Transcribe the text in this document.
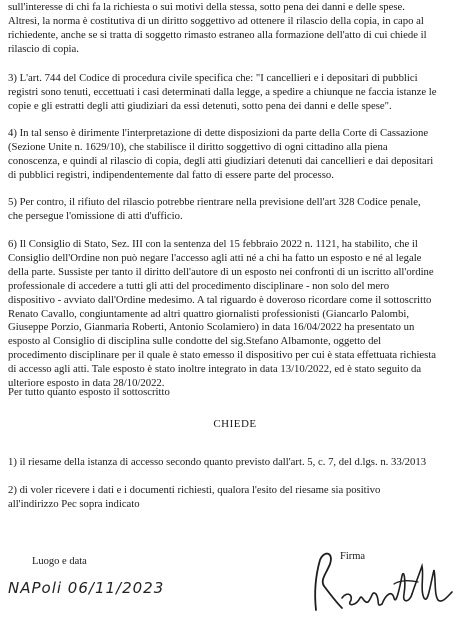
sull'interesse di chi fa la richiesta o sui motivi della stessa, sotto pena dei danni e delle spese.
Altresì, la norma è costitutiva di un diritto soggettivo ad ottenere il rilascio della copia, in capo al
richiedente, anche se si tratta di soggetto rimasto estraneo alla formazione dell'atto di cui chiede il
rilascio di copia.

3) L'art. 744 del Codice di procedura civile specifica che: "I cancellieri e i depositari di pubblici
registri sono tenuti, eccettuati i casi determinati dalla legge, a spedire a chiunque ne faccia istanze le
copie e gli estratti degli atti giudiziari da essi detenuti, sotto pena dei danni e delle spese".

4) In tal senso è dirimente l'interpretazione di dette disposizioni da parte della Corte di Cassazione
(Sezione Unite n. 1629/10), che stabilisce il diritto soggettivo di ogni cittadino alla piena
conoscenza, e quindi al rilascio di copia, degli atti giudiziari detenuti dai cancellieri e dai depositari
di pubblici registri, indipendentemente dal fatto di essere parte del processo.

5) Per contro, il rifiuto del rilascio potrebbe rientrare nella previsione dell'art 328 Codice penale,
che persegue l'omissione di atti d'ufficio.

6) Il Consiglio di Stato, Sez. III con la sentenza del 15 febbraio 2022 n. 1121, ha stabilito, che il
Consiglio dell'Ordine non può negare l'accesso agli atti né a chi ha fatto un esposto e né al legale
della parte. Sussiste per tanto il diritto dell'autore di un esposto nei confronti di un iscritto all'ordine
professionale di accedere a tutti gli atti del procedimento disciplinare - non solo del mero
dispositivo - avviato dall'Ordine medesimo. A tal riguardo è doveroso ricordare come il sottoscritto
Renato Cavallo, congiuntamente ad altri quattro giornalisti professionisti (Giancarlo Palombi,
Giuseppe Porzio, Gianmaria Roberti, Antonio Scolamiero) in data 16/04/2022 ha presentato un
esposto al Consiglio di disciplina sulle condotte del sig.Stefano Albamonte, oggetto del
procedimento disciplinare per il quale è stato emesso il dispositivo per cui è stata effettuata richiesta
di accesso agli atti. Tale esposto è stato inoltre integrato in data 13/10/2022, ed è stato seguito da
ulteriore esposto in data 28/10/2022.

Per tutto quanto esposto il sottoscritto

CHIEDE

1) il riesame della istanza di accesso secondo quanto previsto dall'art. 5, c. 7, del d.lgs. n. 33/2013

2) di voler ricevere i dati e i documenti richiesti, qualora l'esito del riesame sia positivo
all'indirizzo Pec sopra indicato

Luogo e data	Firma
NAPoli 06/11/2023
